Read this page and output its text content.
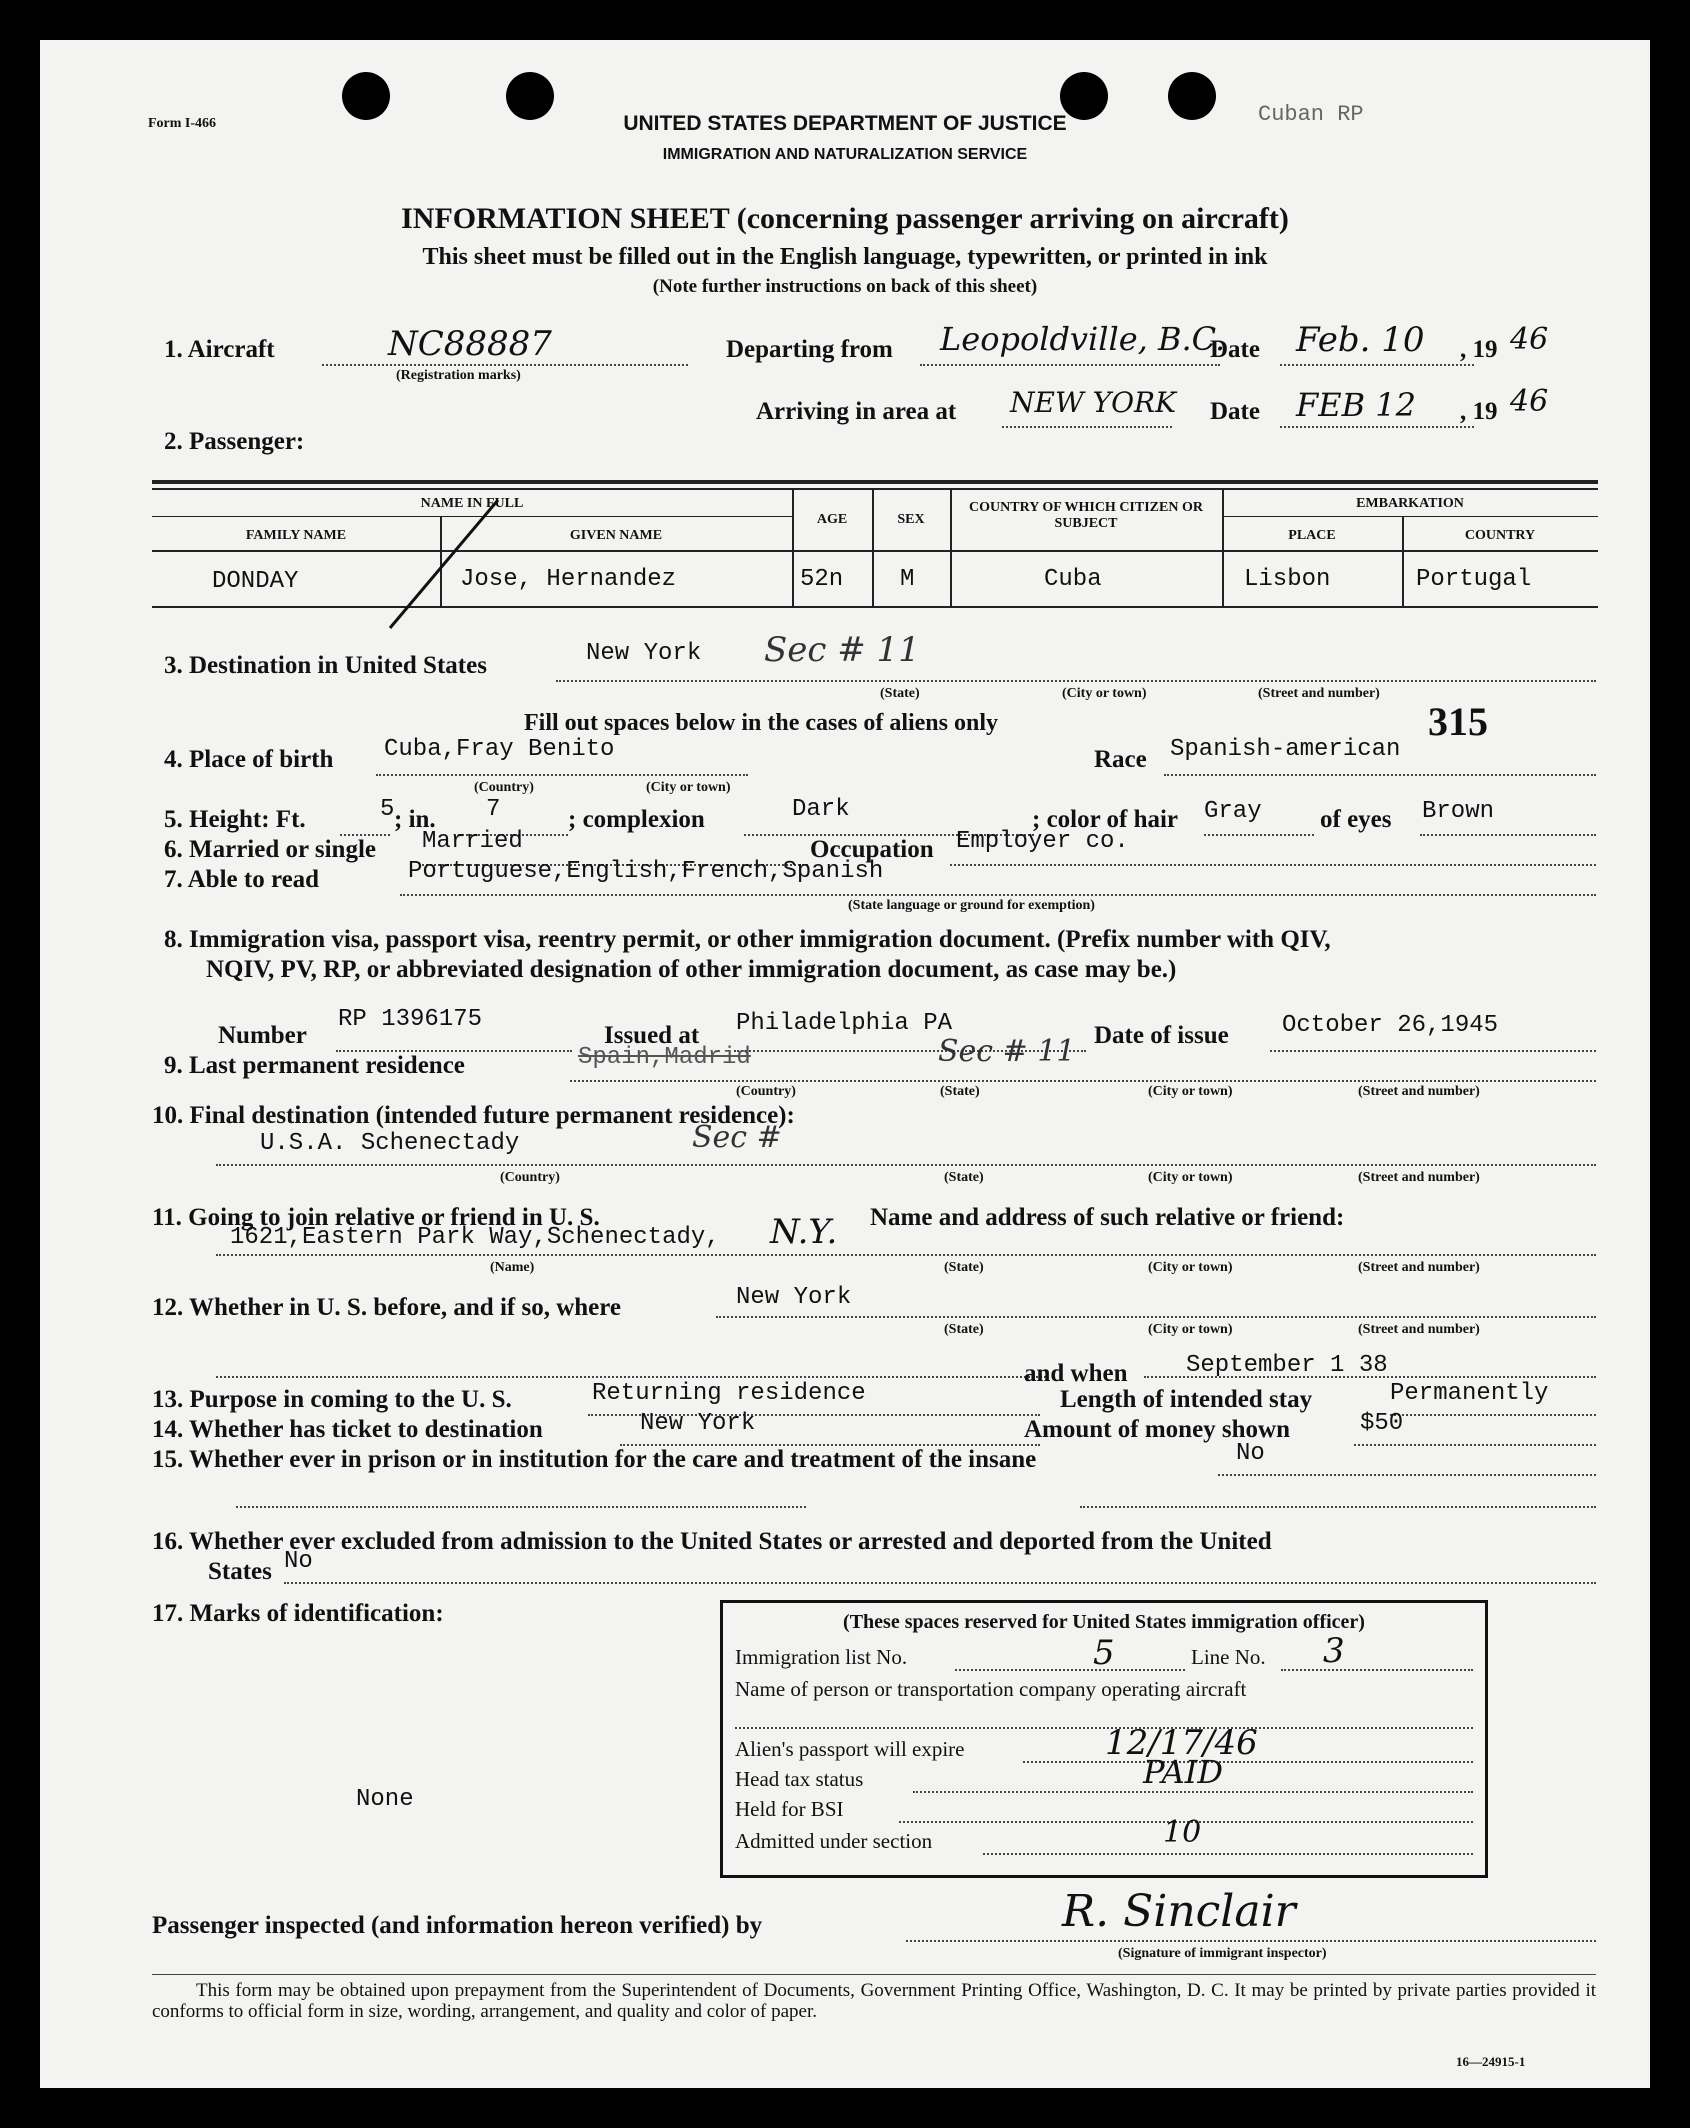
Form I-466	Cuban RP
UNITED STATES DEPARTMENT OF JUSTICE
IMMIGRATION AND NATURALIZATION SERVICE
INFORMATION SHEET (concerning passenger arriving on aircraft)
This sheet must be filled out in the English language, typewritten, or printed in ink
(Note further instructions on back of this sheet)
1. Aircraft	NC88887
(Registration marks)
Departing from Leopoldville, B.C.
Date Feb. 10 , 19 46
Arriving in area at NEW YORK Date FEB 12 , 19 46
2. Passenger:
NAME IN FULL
FAMILY NAME	GIVEN NAME
AGE	SEX
COUNTRY OF WHICH CITIZEN OR SUBJECT
EMBARKATION
PLACE	COUNTRY
DONDAY	Jose, Hernandez	52n M	Cuba	Lisbon	Portugal
3. Destination in United States	New York Sec # 11
(State)	(City or town)	(Street and number)
Fill out spaces below in the cases of aliens only	315
4. Place of birth Cuba,Fray Benito
(Country)	(City or town)
Race Spanish-american
5. Height: Ft.	5 ; in. 7	; complexion	Dark	; color of hair Gray of eyes Brown
6. Married or single Married	Occupation Employer co.
7. Able to read	Portuguese,English,French,Spanish
(State language or ground for exemption)
8. Immigration visa, passport visa, reentry permit, or other immigration document. (Prefix number with QIV,
NQIV, PV, RP, or abbreviated designation of other immigration document, as case may be.)
Number
RP 1396175
Issued at Philadelphia PA	Date of issue October 26,1945
9. Last permanent residence	Spain,Madrid	Sec # 11
(Country)	(State)	(City or town)	(Street and number)
10. Final destination (intended future permanent residence):
U.S.A. Schenectady	Sec #
(Country)	(State)	(City or town)	(Street and number)
11. Going to join relative or friend in U. S.	Name and address of such relative or friend:
1621,Eastern Park Way,Schenectady, N.Y.
(Name)	(State)	(City or town)	(Street and number)
12. Whether in U. S. before, and if so, where	New York
(State)	(City or town)	(Street and number)
and when September 1 38
13. Purpose in coming to the U. S.	Returning residence	Length of intended stay	Permanently
14. Whether has ticket to destination	New York	Amount of money shown	$50
15. Whether ever in prison or in institution for the care and treatment of the insane	No
16. Whether ever excluded from admission to the United States or arrested and deported from the United
States No
17. Marks of identification:
None
(These spaces reserved for United States immigration officer)
Immigration list No.	5	Line No. 3
Name of person or transportation company operating aircraft
Alien's passport will expire	12/17/46
Head tax status	PAID
Held for BSI
Admitted under section	10
Passenger inspected (and information hereon verified) by	R. Sinclair
(Signature of immigrant inspector)
This form may be obtained upon prepayment from the Superintendent of Documents, Government Printing Office, Washington, D. C. It may be printed by private parties provided it conforms to official form in size, wording, arrangement, and quality and color of paper.
16—24915-1
